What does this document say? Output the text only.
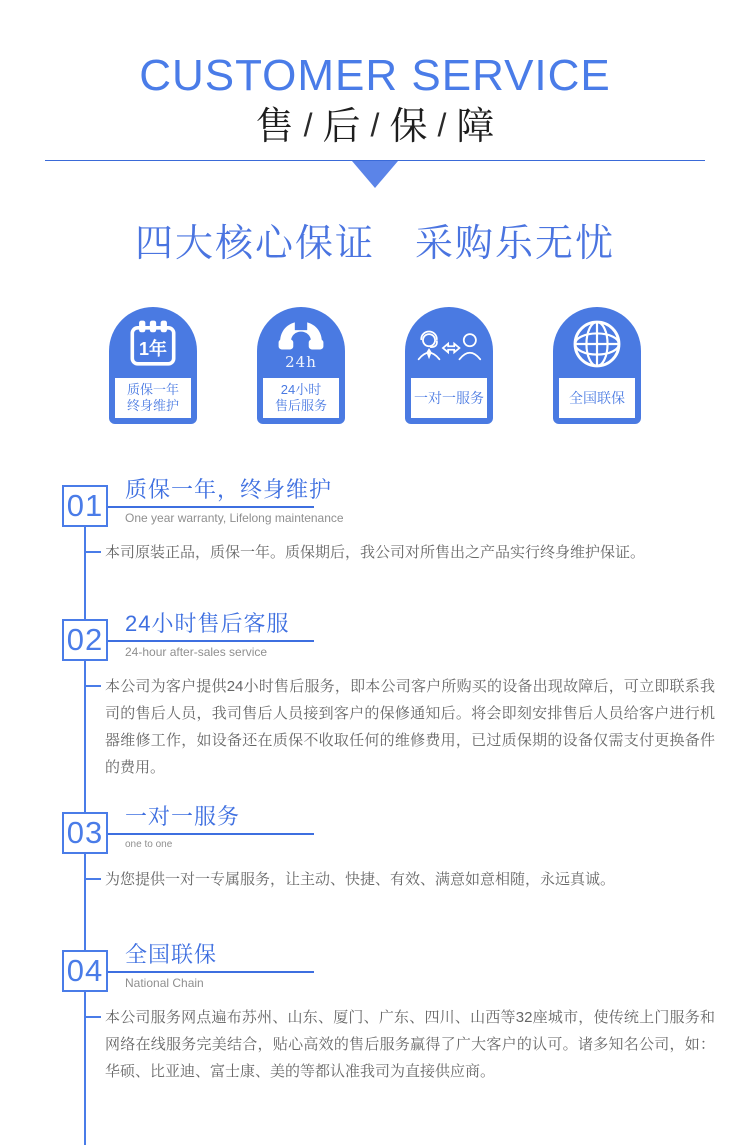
CUSTOMER SERVICE
售 / 后 / 保 / 障
四大核心保证　采购乐无忧
1年
质保一年
终身维护
24h
24小时
售后服务	一对一服务	全国联保
01 质保一年，终身维护
One year warranty, Lifelong maintenance
本司原装正品，质保一年。质保期后，我公司对所售出之产品实行终身维护保证。
02 24小时售后客服
24-hour after-sales service
本公司为客户提供24小时售后服务，即本公司客户所购买的设备出现故障后，可立即联系我司的售后人员，我司售后人员接到客户的保修通知后。将会即刻安排售后人员给客户进行机器维修工作，如设备还在质保不收取任何的维修费用，已过质保期的设备仅需支付更换备件的费用。
03 一对一服务
one to one
为您提供一对一专属服务，让主动、快捷、有效、满意如意相随，永远真诚。
04 全国联保
National Chain
本公司服务网点遍布苏州、山东、厦门、广东、四川、山西等32座城市，使传统上门服务和网络在线服务完美结合，贴心高效的售后服务赢得了广大客户的认可。诸多知名公司，如：华硕、比亚迪、富士康、美的等都认准我司为直接供应商。
